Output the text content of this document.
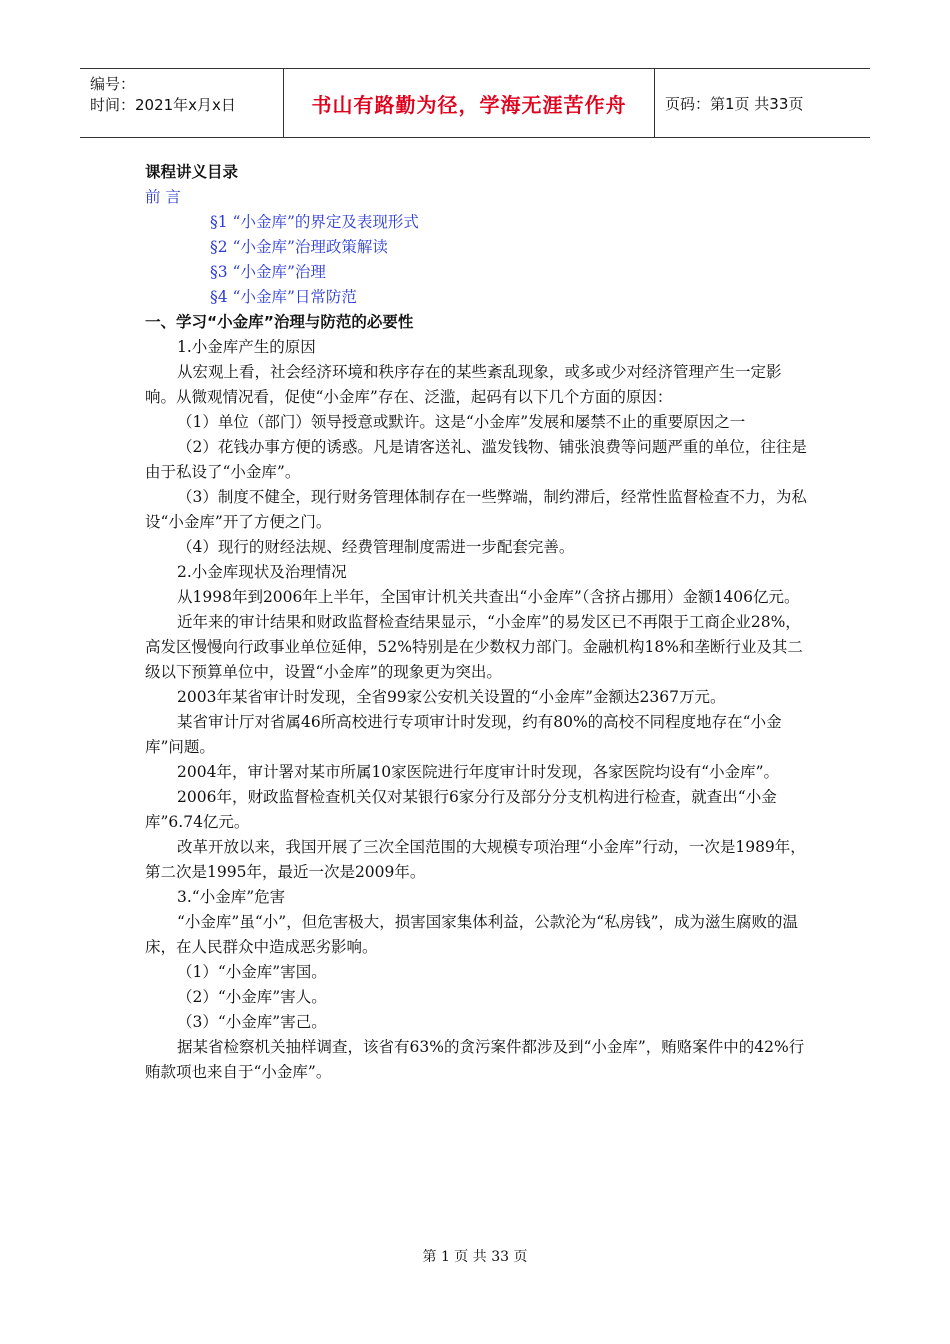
编号：
时间：2021年x月x日	书山有路勤为径，学海无涯苦作舟	页码：第1页 共33页

课程讲义目录

前 言

§1 “小金库”的界定及表现形式

§2 “小金库”治理政策解读

§3 “小金库”治理

§4 “小金库”日常防范

一、学习“小金库”治理与防范的必要性

1.小金库产生的原因

从宏观上看，社会经济环境和秩序存在的某些紊乱现象，或多或少对经济管理产生一定影响。从微观情况看，促使“小金库”存在、泛滥，起码有以下几个方面的原因：

（1）单位（部门）领导授意或默许。这是“小金库”发展和屡禁不止的重要原因之一

（2）花钱办事方便的诱惑。凡是请客送礼、滥发钱物、铺张浪费等问题严重的单位，往往是由于私设了“小金库”。

（3）制度不健全，现行财务管理体制存在一些弊端，制约滞后，经常性监督检查不力，为私设“小金库”开了方便之门。

（4）现行的财经法规、经费管理制度需进一步配套完善。

2.小金库现状及治理情况

从1998年到2006年上半年，全国审计机关共查出“小金库”（含挤占挪用）金额1406亿元。

近年来的审计结果和财政监督检查结果显示，“小金库”的易发区已不再限于工商企业28%，高发区慢慢向行政事业单位延伸，52%特别是在少数权力部门。金融机构18%和垄断行业及其二级以下预算单位中，设置“小金库”的现象更为突出。

2003年某省审计时发现，全省99家公安机关设置的“小金库”金额达2367万元。

某省审计厅对省属46所高校进行专项审计时发现，约有80%的高校不同程度地存在“小金库”问题。

2004年，审计署对某市所属10家医院进行年度审计时发现，各家医院均设有“小金库”。

2006年，财政监督检查机关仅对某银行6家分行及部分分支机构进行检查，就查出“小金库”6.74亿元。

改革开放以来，我国开展了三次全国范围的大规模专项治理“小金库”行动，一次是1989年，第二次是1995年，最近一次是2009年。

3.“小金库”危害

“小金库”虽“小”，但危害极大，损害国家集体利益，公款沦为“私房钱”，成为滋生腐败的温床，在人民群众中造成恶劣影响。

（1）“小金库”害国。

（2）“小金库”害人。

（3）“小金库”害己。

据某省检察机关抽样调查，该省有63%的贪污案件都涉及到“小金库”，贿赂案件中的42%行贿款项也来自于“小金库”。

第 1 页 共 33 页
